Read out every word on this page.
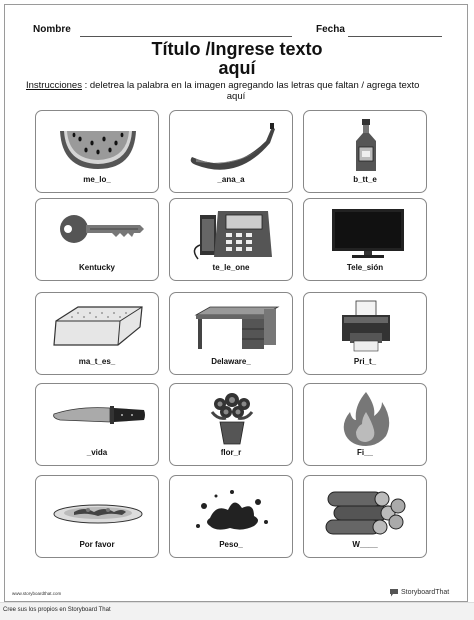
Nombre	Fecha
Título /Ingrese texto
aquí
Instrucciones : deletrea la palabra en la imagen agregando las letras que faltan / agrega texto
aquí
me_lo_	_ana_a	b_tt_e
Kentucky	te_le_one	Tele_sión
ma_t_es_	Delaware_	Pri_t_
_vida	flor_r	Fi__
Por favor	Peso_	W____
www.storyboardthat.com	StoryboardThat
Cree sus los propios en Storyboard That
